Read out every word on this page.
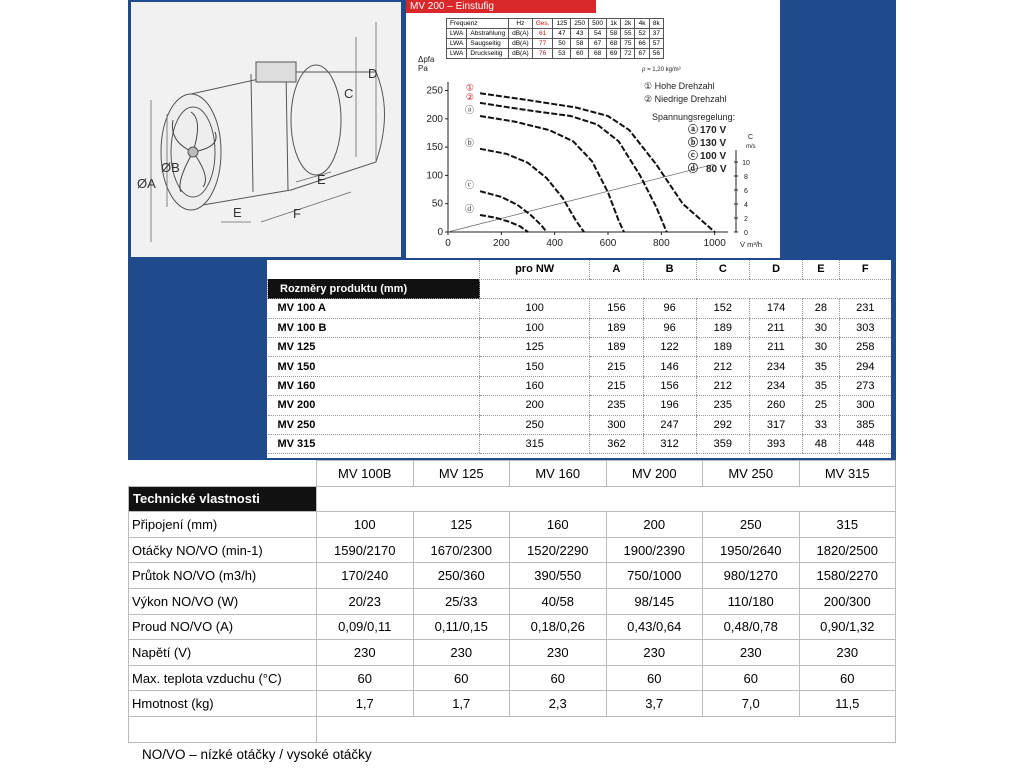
D
C
ØB
ØA
E
E
F
MV 200 – Einstufig
Frequenz		Hz	Ges.	125	250	500	1k	2k	4k	8k
LWA	Abstrahlung	dB(A)	61	47	43	54	58	55	52	37
LWA	Saugseitig	dB(A)	77	50	58	67	68	75	66	57
LWA	Druckseitig	dB(A)	76	53	60	68	69	72	67	56
0	200	400	600	800	1000
0
50
100
150
200
250
0
2
4
6
8
10
①
②
ⓐ
ⓑ
ⓒ
ⓓ
ρ = 1,20 kg/m³
Δpfa
Pa
V̇ m³/h
C
m/s
① Hohe Drehzahl
② Niedrige Drehzahl
Spannungsregelung:
ⓐ 170 V
ⓑ 130 V
ⓒ 100 V
ⓓ 80 V
	pro NW	A	B	C	D	E	F
Rozměry produktu (mm)							
MV 100 A	100	156	96	152	174	28	231
MV 100 B	100	189	96	189	211	30	303
MV 125	125	189	122	189	211	30	258
MV 150	150	215	146	212	234	35	294
MV 160	160	215	156	212	234	35	273
MV 200	200	235	196	235	260	25	300
MV 250	250	300	247	292	317	33	385
MV 315	315	362	312	359	393	48	448
	MV 100B	MV 125	MV 160	MV 200	MV 250	MV 315
Technické vlastnosti						
Připojení (mm)	100	125	160	200	250	315
Otáčky NO/VO (min-1)	1590/2170	1670/2300	1520/2290	1900/2390	1950/2640	1820/2500
Průtok NO/VO (m3/h)	170/240	250/360	390/550	750/1000	980/1270	1580/2270
Výkon NO/VO (W)	20/23	25/33	40/58	98/145	110/180	200/300
Proud NO/VO (A)	0,09/0,11	0,11/0,15	0,18/0,26	0,43/0,64	0,48/0,78	0,90/1,32
Napětí (V)	230	230	230	230	230	230
Max. teplota vzduchu (°C)	60	60	60	60	60	60
Hmotnost (kg)	1,7	1,7	2,3	3,7	7,0	11,5

NO/VO – nízké otáčky / vysoké otáčky
